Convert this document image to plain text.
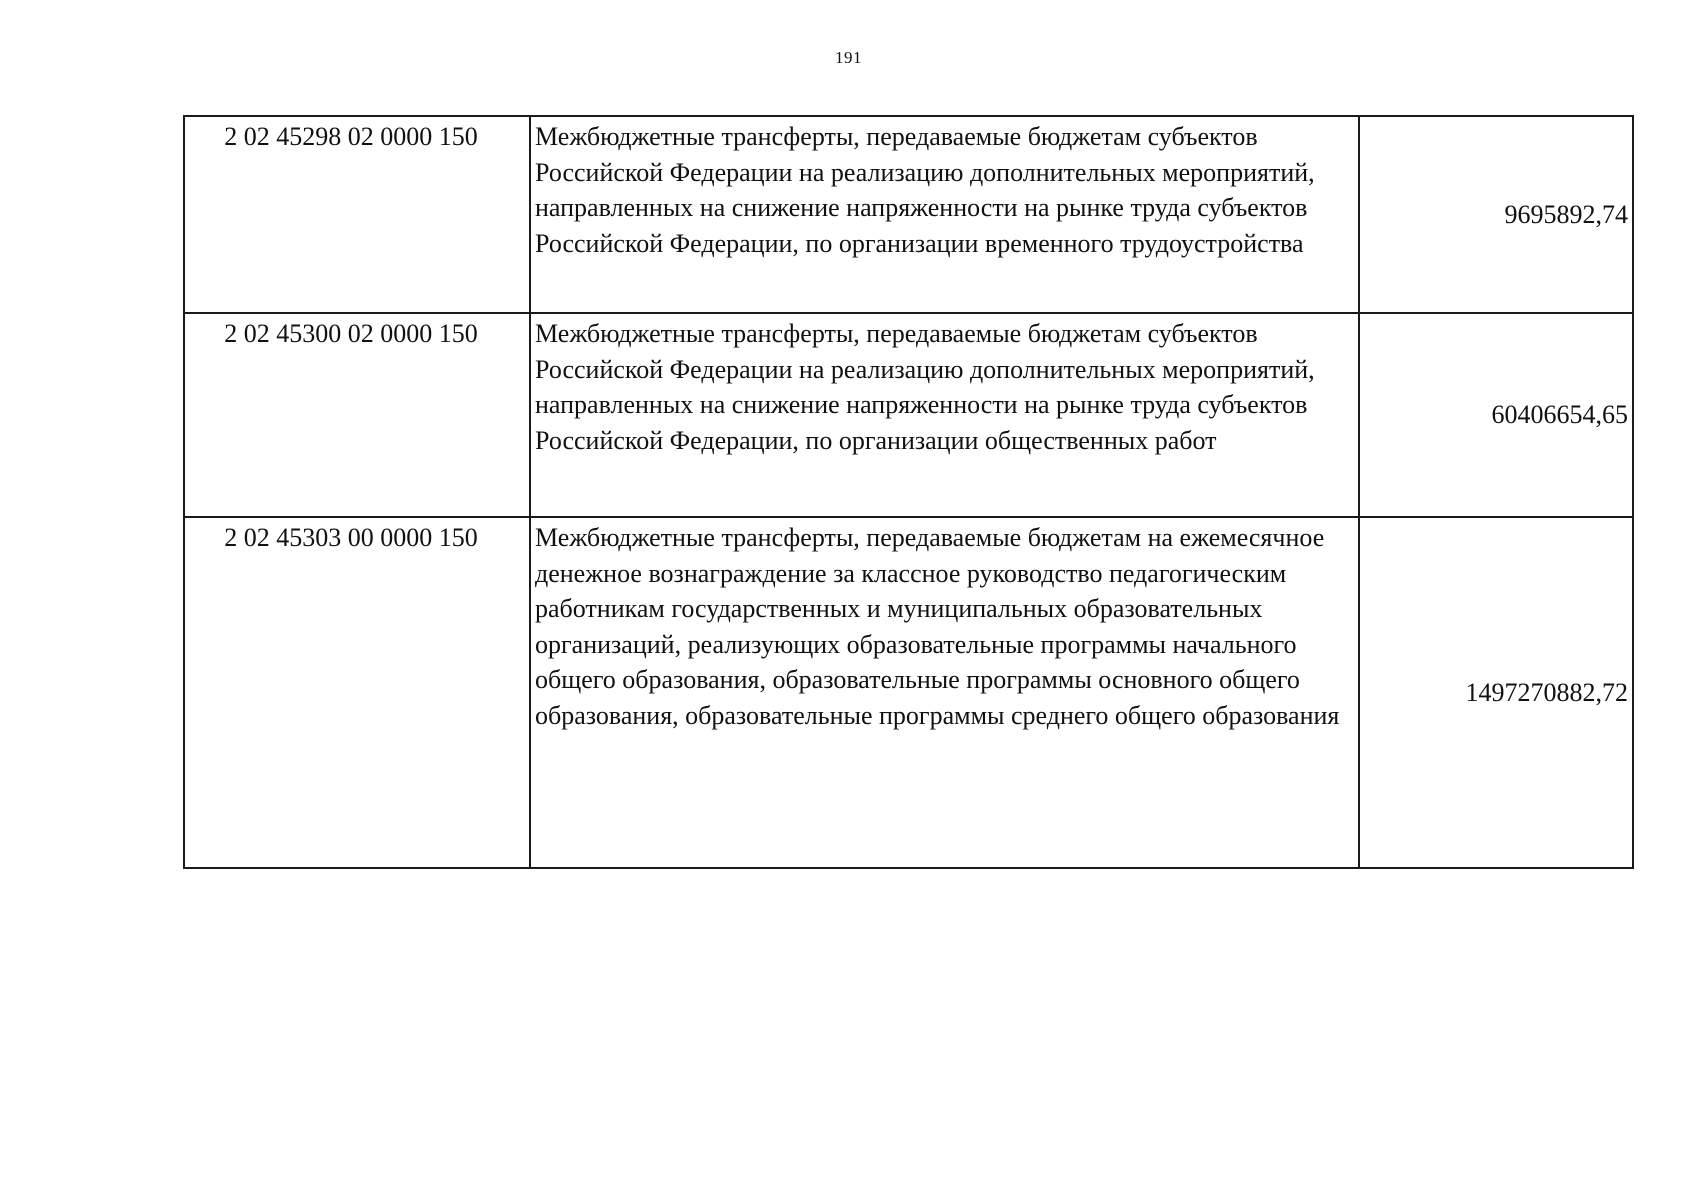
191
2 02 45298 02 0000 150	Межбюджетные трансферты, передаваемые бюджетам субъектов Российской Федерации на реализацию дополнительных мероприятий, направленных на снижение напряженности на рынке труда субъектов Российской Федерации, по организации временного трудоустройства	9695892,74
2 02 45300 02 0000 150	Межбюджетные трансферты, передаваемые бюджетам субъектов Российской Федерации на реализацию дополнительных мероприятий, направленных на снижение напряженности на рынке труда субъектов Российской Федерации, по организации общественных работ	60406654,65
2 02 45303 00 0000 150	Межбюджетные трансферты, передаваемые бюджетам на ежемесячное денежное вознаграждение за классное руководство педагогическим работникам государственных и муниципальных образовательных организаций, реализующих образовательные программы начального общего образования, образовательные программы основного общего образования, образовательные программы среднего общего образования	1497270882,72
